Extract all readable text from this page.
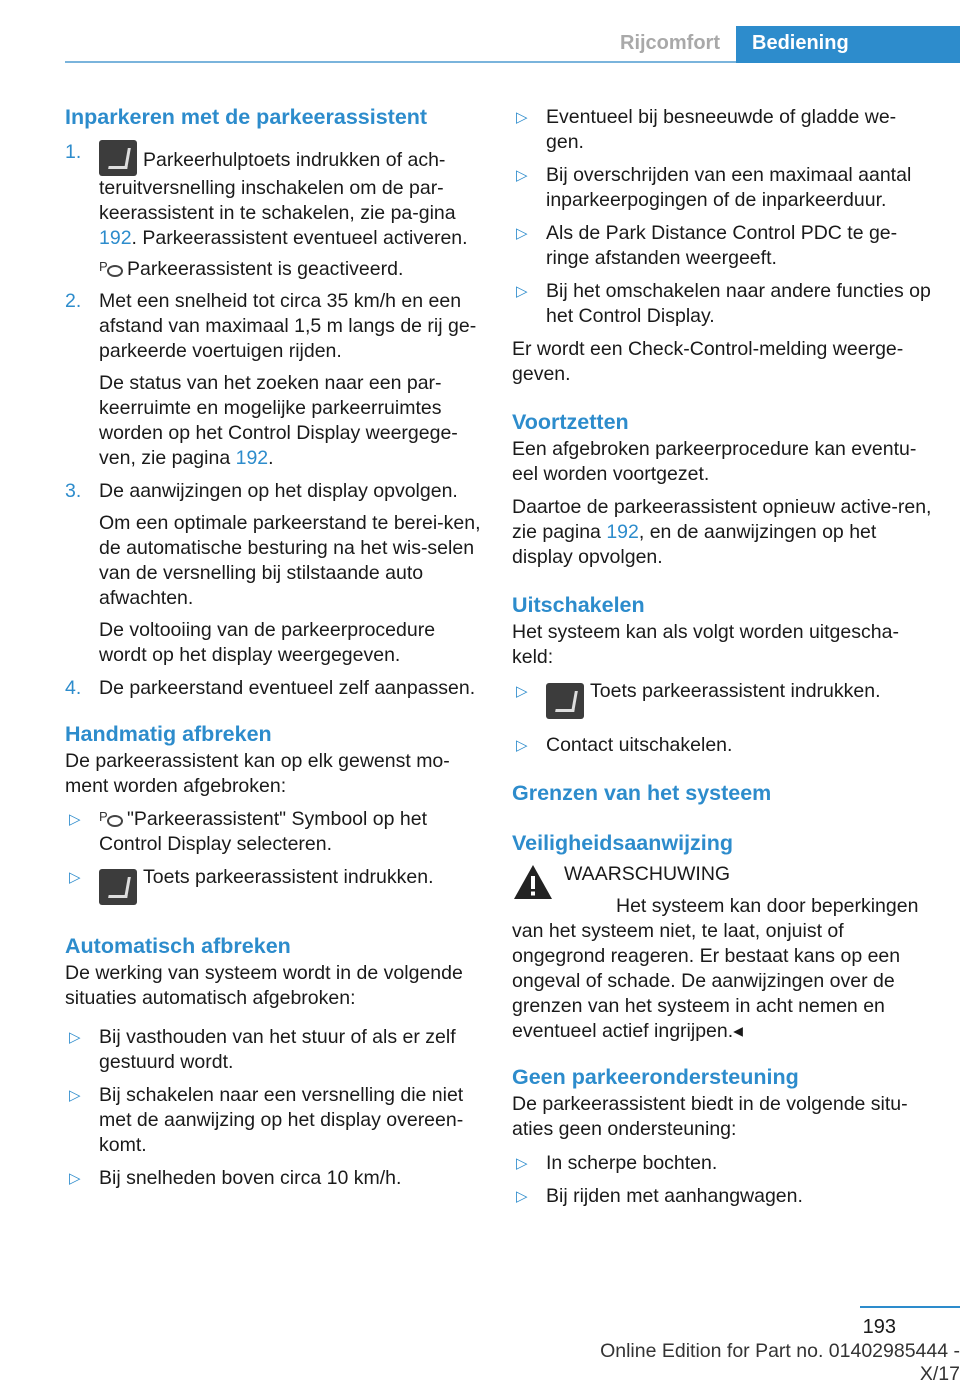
Rijcomfort	Bediening
Inparkeren met de parkeerassistent
1.	Parkeerhulptoets indrukken of ach-teruitversnelling inschakelen om de par-keerassistent in te schakelen, zie pa-gina 192. Parkeerassistent eventueel activeren.

PParkeerassistent is geactiveerd.

2. Met een snelheid tot circa 35 km/h en een afstand van maximaal 1,5 m langs de rij ge-parkeerde voertuigen rijden.

De status van het zoeken naar een par-keerruimte en mogelijke parkeerruimtes worden op het Control Display weergege-ven, zie pagina 192.

3. De aanwijzingen op het display opvolgen.

Om een optimale parkeerstand te berei-ken, de automatische besturing na het wis-selen van de versnelling bij stilstaande auto afwachten.

De voltooiing van de parkeerprocedure wordt op het display weergegeven.

4. De parkeerstand eventueel zelf aanpassen.

Handmatig afbreken

De parkeerassistent kan op elk gewenst mo-ment worden afgebroken:

▷

P	"Parkeerassistent" Symbool op het Control Display selecteren.

▷	Toets parkeerassistent indrukken.

Automatisch afbreken

De werking van systeem wordt in de volgende situaties automatisch afgebroken:

▷ Bij vasthouden van het stuur of als er zelf gestuurd wordt.

▷ Bij schakelen naar een versnelling die niet met de aanwijzing op het display overeen-komt.

▷ Bij snelheden boven circa 10 km/h.

▷ Eventueel bij besneeuwde of gladde we-gen.

▷ Bij overschrijden van een maximaal aantal inparkeerpogingen of de inparkeerduur.

▷ Als de Park Distance Control PDC te ge-ringe afstanden weergeeft.

▷ Bij het omschakelen naar andere functies op het Control Display.

Er wordt een Check-Control-melding weerge-geven.

Voortzetten

Een afgebroken parkeerprocedure kan eventu-eel worden voortgezet.

Daartoe de parkeerassistent opnieuw active-ren, zie pagina 192, en de aanwijzingen op het display opvolgen.

Uitschakelen

Het systeem kan als volgt worden uitgescha-keld:

▷	Toets parkeerassistent indrukken.

▷ Contact uitschakelen.

Grenzen van het systeem
Veiligheidsaanwijzing

WAARSCHUWING

Het systeem kan door beperkingen van het systeem niet, te laat, onjuist of ongegrond reageren. Er bestaat kans op een ongeval of schade. De aanwijzingen over de grenzen van het systeem in acht nemen en eventueel actief ingrijpen.◂

Geen parkeerondersteuning

De parkeerassistent biedt in de volgende situ-aties geen ondersteuning:

▷ In scherpe bochten.

▷ Bij rijden met aanhangwagen.

193
Online Edition for Part no. 01402985444 - X/17
